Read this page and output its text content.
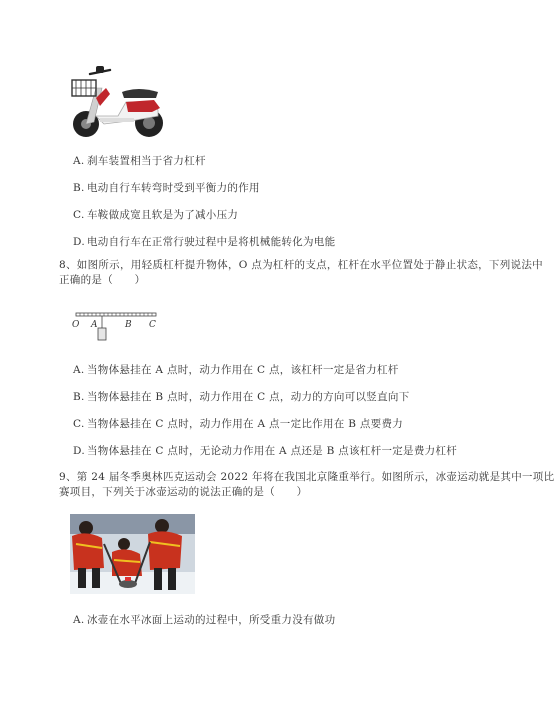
A. 刹车装置相当于省力杠杆
B. 电动自行车转弯时受到平衡力的作用
C. 车鞍做成宽且软是为了减小压力
D. 电动自行车在正常行驶过程中是将机械能转化为电能
8、如图所示，用轻质杠杆提升物体，O 点为杠杆的支点，杠杆在水平位置处于静止状态，下列说法中
正确的是（　　）
O A	B C
A. 当物体悬挂在 A 点时，动力作用在 C 点，该杠杆一定是省力杠杆
B. 当物体悬挂在 B 点时，动力作用在 C 点，动力的方向可以竖直向下
C. 当物体悬挂在 C 点时，动力作用在 A 点一定比作用在 B 点要费力
D. 当物体悬挂在 C 点时，无论动力作用在 A 点还是 B 点该杠杆一定是费力杠杆
9、第 24 届冬季奥林匹克运动会 2022 年将在我国北京隆重举行。如图所示，冰壶运动就是其中一项比
赛项目，下列关于冰壶运动的说法正确的是（　　）
A. 冰壶在水平冰面上运动的过程中，所受重力没有做功
